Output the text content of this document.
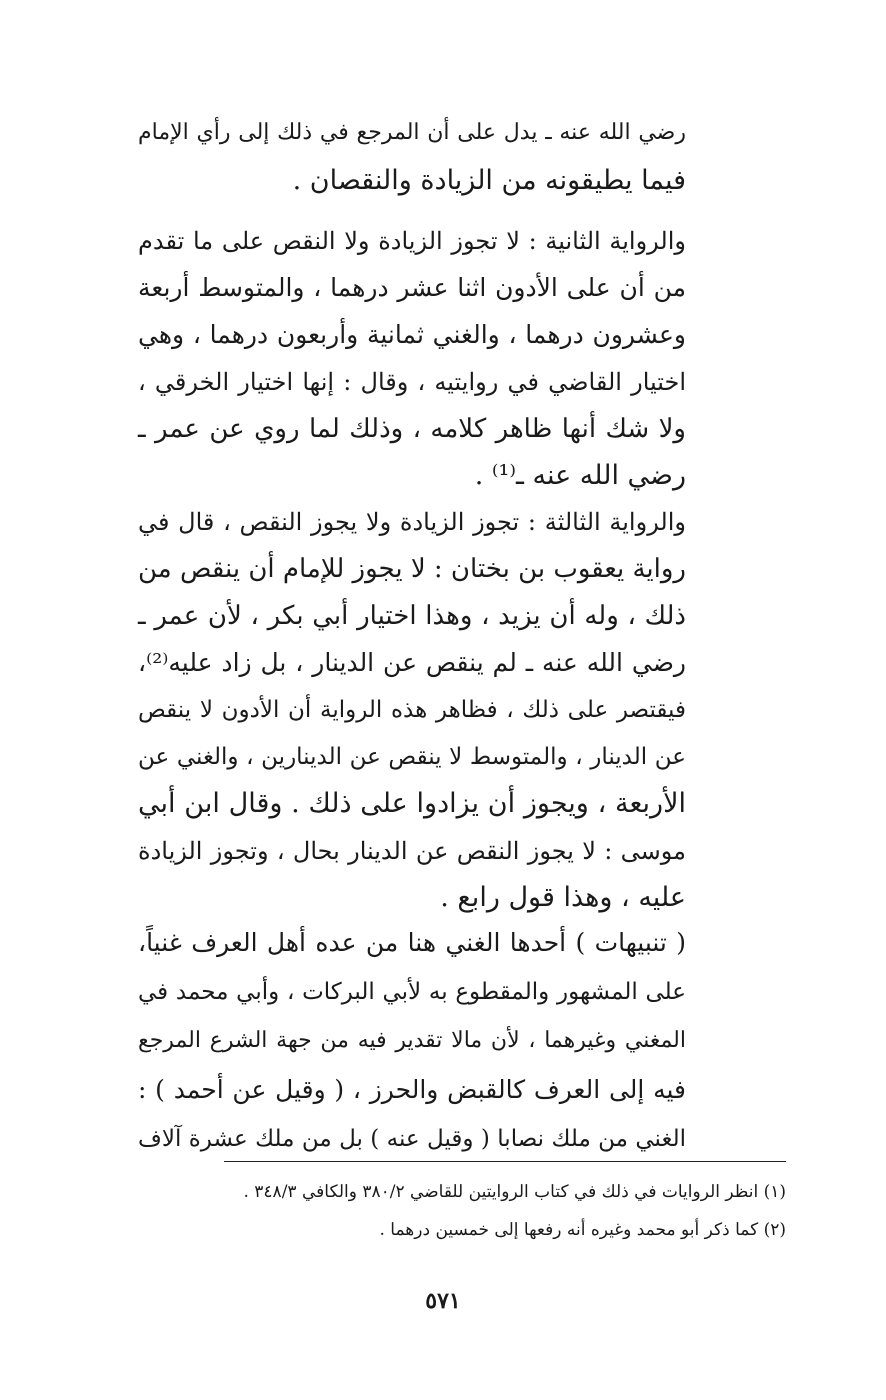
رضي الله عنه ـ يدل على أن المرجع في ذلك إلى رأي الإمام
فيما يطيقونه من الزيادة والنقصان .
والرواية الثانية : لا تجوز الزيادة ولا النقص على ما تقدم
من أن على الأدون اثنا عشر درهما ، والمتوسط أربعة
وعشرون درهما ، والغني ثمانية وأربعون درهما ، وهي
اختيار القاضي في روايتيه ، وقال : إنها اختيار الخرقي ،
ولا شك أنها ظاهر كلامه ، وذلك لما روي عن عمر ـ
رضي الله عنه ـ⁽¹⁾ .
والرواية الثالثة : تجوز الزيادة ولا يجوز النقص ، قال في
رواية يعقوب بن بختان : لا يجوز للإمام أن ينقص من
ذلك ، وله أن يزيد ، وهذا اختيار أبي بكر ، لأن عمر ـ
رضي الله عنه ـ لم ينقص عن الدينار ، بل زاد عليه⁽²⁾،
فيقتصر على ذلك ، فظاهر هذه الرواية أن الأدون لا ينقص
عن الدينار ، والمتوسط لا ينقص عن الدينارين ، والغني عن
الأربعة ، ويجوز أن يزادوا على ذلك . وقال ابن أبي
موسى : لا يجوز النقص عن الدينار بحال ، وتجوز الزيادة
عليه ، وهذا قول رابع .
( تنبيهات ) أحدها الغني هنا من عده أهل العرف غنياً،
على المشهور والمقطوع به لأبي البركات ، وأبي محمد في
المغني وغيرهما ، لأن مالا تقدير فيه من جهة الشرع المرجع
فيه إلى العرف كالقبض والحرز ، ( وقيل عن أحمد ) :
الغني من ملك نصابا ( وقيل عنه ) بل من ملك عشرة آلاف
(١) انظر الروايات في ذلك في كتاب الروايتين للقاضي ٣٨٠/٢ والكافي ٣٤٨/٣ .
(٢) كما ذكر أبو محمد وغيره أنه رفعها إلى خمسين درهما .
٥٧١
